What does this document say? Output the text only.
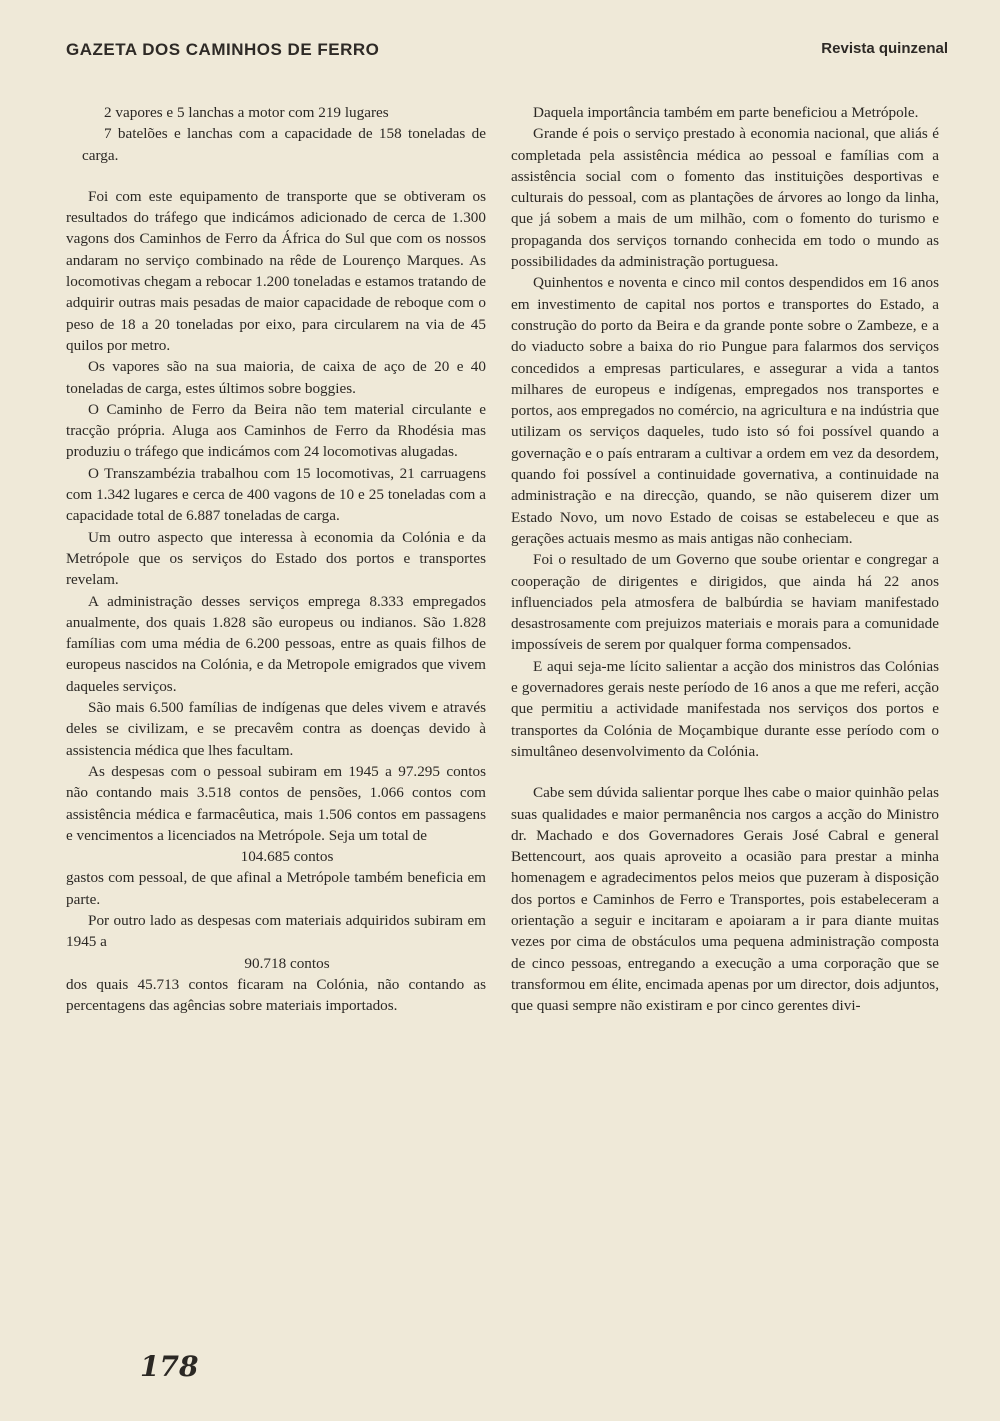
GAZETA DOS CAMINHOS DE FERRO	Revista quinzenal

2 vapores e 5 lanchas a motor com 219 lugares

7 batelões e lanchas com a capacidade de 158 toneladas de carga.

Foi com este equipamento de transporte que se obtiveram os resultados do tráfego que indicámos adicionado de cerca de 1.300 vagons dos Caminhos de Ferro da África do Sul que com os nossos andaram no serviço combinado na rêde de Lourenço Marques. As locomotivas chegam a rebocar 1.200 toneladas e estamos tratando de adquirir outras mais pesadas de maior capacidade de reboque com o peso de 18 a 20 toneladas por eixo, para circularem na via de 45 quilos por metro.

Os vapores são na sua maioria, de caixa de aço de 20 e 40 toneladas de carga, estes últimos sobre boggies.

O Caminho de Ferro da Beira não tem material circulante e tracção própria. Aluga aos Caminhos de Ferro da Rhodésia mas produziu o tráfego que indicámos com 24 locomotivas alugadas.

O Transzambézia trabalhou com 15 locomotivas, 21 carruagens com 1.342 lugares e cerca de 400 vagons de 10 e 25 toneladas com a capacidade total de 6.887 toneladas de carga.

Um outro aspecto que interessa à economia da Colónia e da Metrópole que os serviços do Estado dos portos e transportes revelam.

A administração desses serviços emprega 8.333 empregados anualmente, dos quais 1.828 são europeus ou indianos. São 1.828 famílias com uma média de 6.200 pessoas, entre as quais filhos de europeus nascidos na Colónia, e da Metropole emigrados que vivem daqueles serviços.

São mais 6.500 famílias de indígenas que deles vivem e através deles se civilizam, e se precavêm contra as doenças devido à assistencia médica que lhes facultam.

As despesas com o pessoal subiram em 1945 a 97.295 contos não contando mais 3.518 contos de pensões, 1.066 contos com assistência médica e farmacêutica, mais 1.506 contos em passagens e vencimentos a licenciados na Metrópole. Seja um total de

104.685 contos

gastos com pessoal, de que afinal a Metrópole também beneficia em parte.

Por outro lado as despesas com materiais adquiridos subiram em 1945 a

90.718 contos

dos quais 45.713 contos ficaram na Colónia, não contando as percentagens das agências sobre materiais importados.

Daquela importância também em parte beneficiou a Metrópole.

Grande é pois o serviço prestado à economia nacional, que aliás é completada pela assistência médica ao pessoal e famílias com a assistência social com o fomento das instituições desportivas e culturais do pessoal, com as plantações de árvores ao longo da linha, que já sobem a mais de um milhão, com o fomento do turismo e propaganda dos serviços tornando conhecida em todo o mundo as possibilidades da administração portuguesa.

Quinhentos e noventa e cinco mil contos despendidos em 16 anos em investimento de capital nos portos e transportes do Estado, a construção do porto da Beira e da grande ponte sobre o Zambeze, e a do viaducto sobre a baixa do rio Pungue para falarmos dos serviços concedidos a empresas particulares, e assegurar a vida a tantos milhares de europeus e indígenas, empregados nos transportes e portos, aos empregados no comércio, na agricultura e na indústria que utilizam os serviços daqueles, tudo isto só foi possível quando a governação e o país entraram a cultivar a ordem em vez da desordem, quando foi possível a continuidade governativa, a continuidade na administração e na direcção, quando, se não quiserem dizer um Estado Novo, um novo Estado de coisas se estabeleceu e que as gerações actuais mesmo as mais antigas não conheciam.

Foi o resultado de um Governo que soube orientar e congregar a cooperação de dirigentes e dirigidos, que ainda há 22 anos influenciados pela atmosfera de balbúrdia se haviam manifestado desastrosamente com prejuizos materiais e morais para a comunidade impossíveis de serem por qualquer forma compensados.

E aqui seja-me lícito salientar a acção dos ministros das Colónias e governadores gerais neste período de 16 anos a que me referi, acção que permitiu a actividade manifestada nos serviços dos portos e transportes da Colónia de Moçambique durante esse período com o simultâneo desenvolvimento da Colónia.

Cabe sem dúvida salientar porque lhes cabe o maior quinhão pelas suas qualidades e maior permanência nos cargos a acção do Ministro dr. Machado e dos Governadores Gerais José Cabral e general Bettencourt, aos quais aproveito a ocasião para prestar a minha homenagem e agradecimentos pelos meios que puzeram à disposição dos portos e Caminhos de Ferro e Transportes, pois estabeleceram a orientação a seguir e incitaram e apoiaram a ir para diante muitas vezes por cima de obstáculos uma pequena administração composta de cinco pessoas, entregando a execução a uma corporação que se transformou em élite, encimada apenas por um director, dois adjuntos, que quasi sempre não existiram e por cinco gerentes divi-

178
